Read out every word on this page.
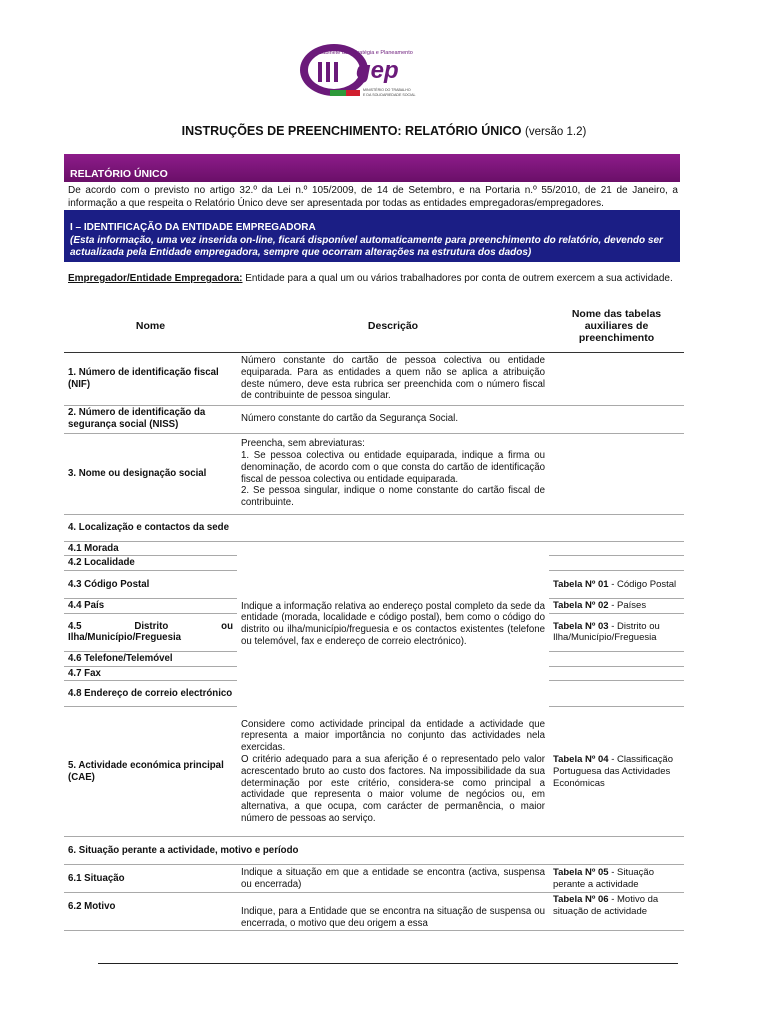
Gabinete de Estratégia e Planeamento
gep
MINISTÉRIO DO TRABALHO
E DA SOLIDARIEDADE SOCIAL
INSTRUÇÕES DE PREENCHIMENTO: RELATÓRIO ÚNICO (versão 1.2)
RELATÓRIO ÚNICO
De acordo com o previsto no artigo 32.º da Lei n.º 105/2009, de 14 de Setembro, e na Portaria n.º 55/2010, de 21 de Janeiro, a informação a que respeita o Relatório Único deve ser apresentada por todas as entidades empregadoras/empregadores.
I – IDENTIFICAÇÃO DA ENTIDADE EMPREGADORA
(Esta informação, uma vez inserida on-line, ficará disponível automaticamente para preenchimento do relatório, devendo ser actualizada pela Entidade empregadora, sempre que ocorram alterações na estrutura dos dados)
Empregador/Entidade Empregadora: Entidade para a qual um ou vários trabalhadores por conta de outrem exercem a sua actividade.
Nome	Descrição	Nome das tabelas auxiliares de preenchimento
1. Número de identificação fiscal (NIF)	Número constante do cartão de pessoa colectiva ou entidade equiparada. Para as entidades a quem não se aplica a atribuição deste número, deve esta rubrica ser preenchida com o número fiscal de contribuinte de pessoa singular.	
2. Número de identificação da segurança social (NISS)	Número constante do cartão da Segurança Social.	
3. Nome ou designação social	Preencha, sem abreviaturas:
1. Se pessoa colectiva ou entidade equiparada, indique a firma ou denominação, de acordo com o que consta do cartão de identificação fiscal de pessoa colectiva ou entidade equiparada.
2. Se pessoa singular, indique o nome constante do cartão fiscal de contribuinte.	

4. Localização e contactos da sede		
4.1 Morada	Indique a informação relativa ao endereço postal completo da sede da entidade (morada, localidade e código postal), bem como o código do distrito ou ilha/município/freguesia e os contactos existentes (telefone ou telemóvel, fax e endereço de correio electrónico).	
4.2 Localidade		
4.3 Código Postal		Tabela Nº 01 - Código Postal
4.4 País		Tabela Nº 02 - Países

4.5 Distrito ou
Ilha/Município/Freguesia		Tabela Nº 03 - Distrito ou Ilha/Município/Freguesia
4.6 Telefone/Telemóvel		
4.7 Fax		
4.8 Endereço de correio electrónico		
5. Actividade económica principal (CAE)	Considere como actividade principal da entidade a actividade que representa a maior importância no conjunto das actividades nela exercidas.
O critério adequado para a sua aferição é o representado pelo valor acrescentado bruto ao custo dos factores. Na impossibilidade da sua determinação por este critério, considera-se como principal a actividade que representa o maior volume de negócios ou, em alternativa, a que ocupa, com carácter de permanência, o maior número de pessoas ao serviço.	Tabela Nº 04 - Classificação Portuguesa das Actividades Económicas
6. Situação perante a actividade, motivo e período		
6.1 Situação	Indique a situação em que a entidade se encontra (activa, suspensa ou encerrada)	Tabela Nº 05 - Situação perante a actividade
6.2 Motivo	Indique, para a Entidade que se encontra na situação de suspensa ou encerrada, o motivo que deu origem a essa	Tabela Nº 06 - Motivo da situação de actividade
